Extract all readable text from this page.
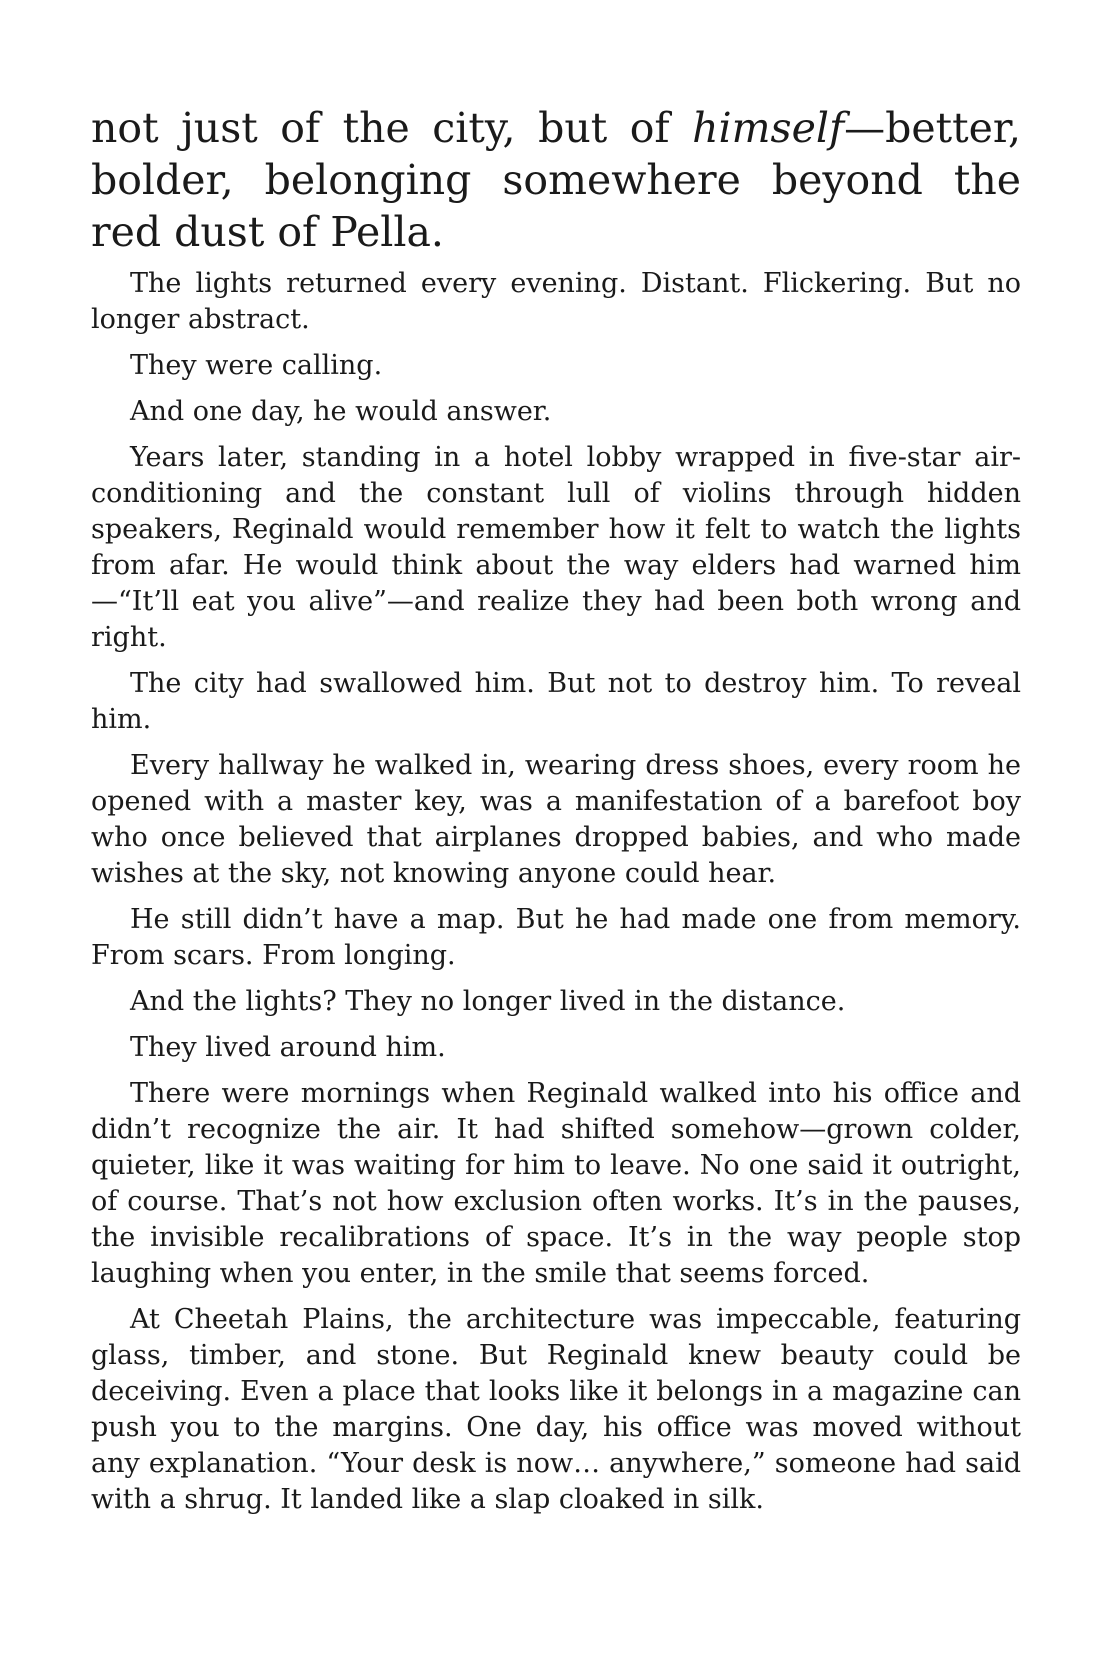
not just of the city, but of himself—better, bolder, belonging somewhere beyond the red dust of Pella.

The lights returned every evening. Distant. Flickering. But no longer abstract.

They were calling.

And one day, he would answer.

Years later, standing in a hotel lobby wrapped in five-star air-conditioning and the constant lull of violins through hidden speakers, Reginald would remember how it felt to watch the lights from afar. He would think about the way elders had warned him —“It’ll eat you alive”—and realize they had been both wrong and right.

The city had swallowed him. But not to destroy him. To reveal him.

Every hallway he walked in, wearing dress shoes, every room he opened with a master key, was a manifestation of a barefoot boy who once believed that airplanes dropped babies, and who made wishes at the sky, not knowing anyone could hear.

He still didn’t have a map. But he had made one from memory. From scars. From longing.

And the lights? They no longer lived in the distance.

They lived around him.

There were mornings when Reginald walked into his office and didn’t recognize the air. It had shifted somehow—grown colder, quieter, like it was waiting for him to leave. No one said it outright, of course. That’s not how exclusion often works. It’s in the pauses, the invisible recalibrations of space. It’s in the way people stop laughing when you enter, in the smile that seems forced.

At Cheetah Plains, the architecture was impeccable, featuring glass, timber, and stone. But Reginald knew beauty could be deceiving. Even a place that looks like it belongs in a magazine can push you to the margins. One day, his office was moved without any explanation. “Your desk is now… anywhere,” someone had said with a shrug. It landed like a slap cloaked in silk.
